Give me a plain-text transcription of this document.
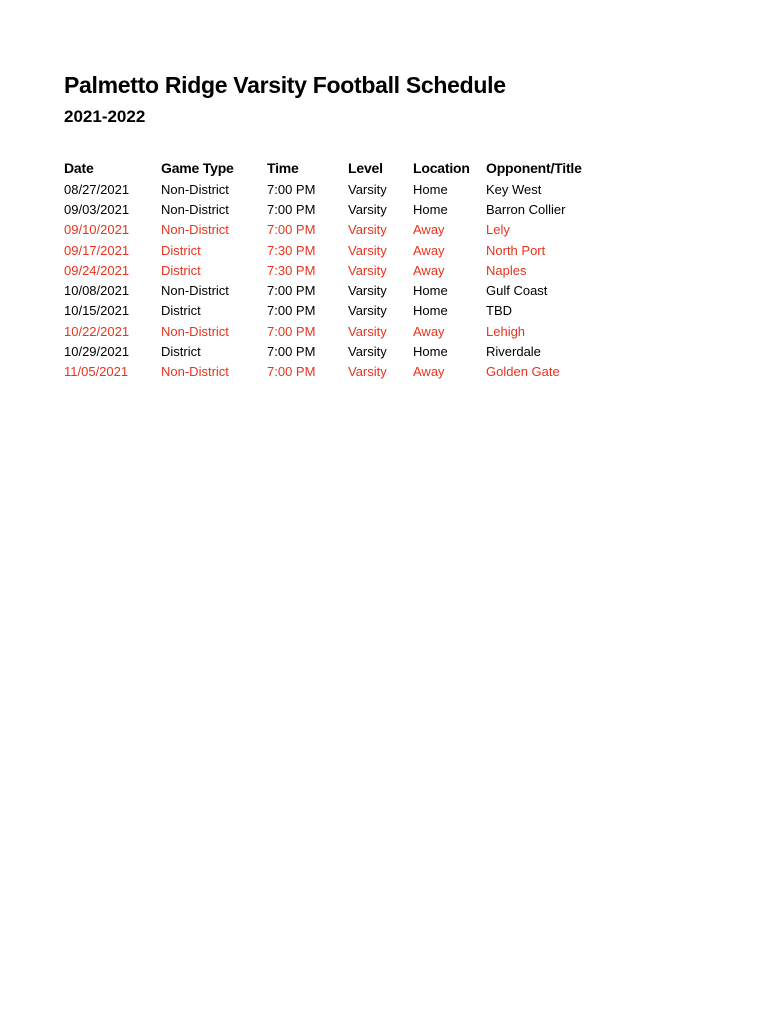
Palmetto Ridge Varsity Football Schedule
2021-2022
Date	Game Type	Time	Level	Location	Opponent/Title
08/27/2021	Non-District	7:00 PM	Varsity	Home	Key West
09/03/2021	Non-District	7:00 PM	Varsity	Home	Barron Collier
09/10/2021	Non-District	7:00 PM	Varsity	Away	Lely
09/17/2021	District	7:30 PM	Varsity	Away	North Port
09/24/2021	District	7:30 PM	Varsity	Away	Naples
10/08/2021	Non-District	7:00 PM	Varsity	Home	Gulf Coast
10/15/2021	District	7:00 PM	Varsity	Home	TBD
10/22/2021	Non-District	7:00 PM	Varsity	Away	Lehigh
10/29/2021	District	7:00 PM	Varsity	Home	Riverdale
11/05/2021	Non-District	7:00 PM	Varsity	Away	Golden Gate
